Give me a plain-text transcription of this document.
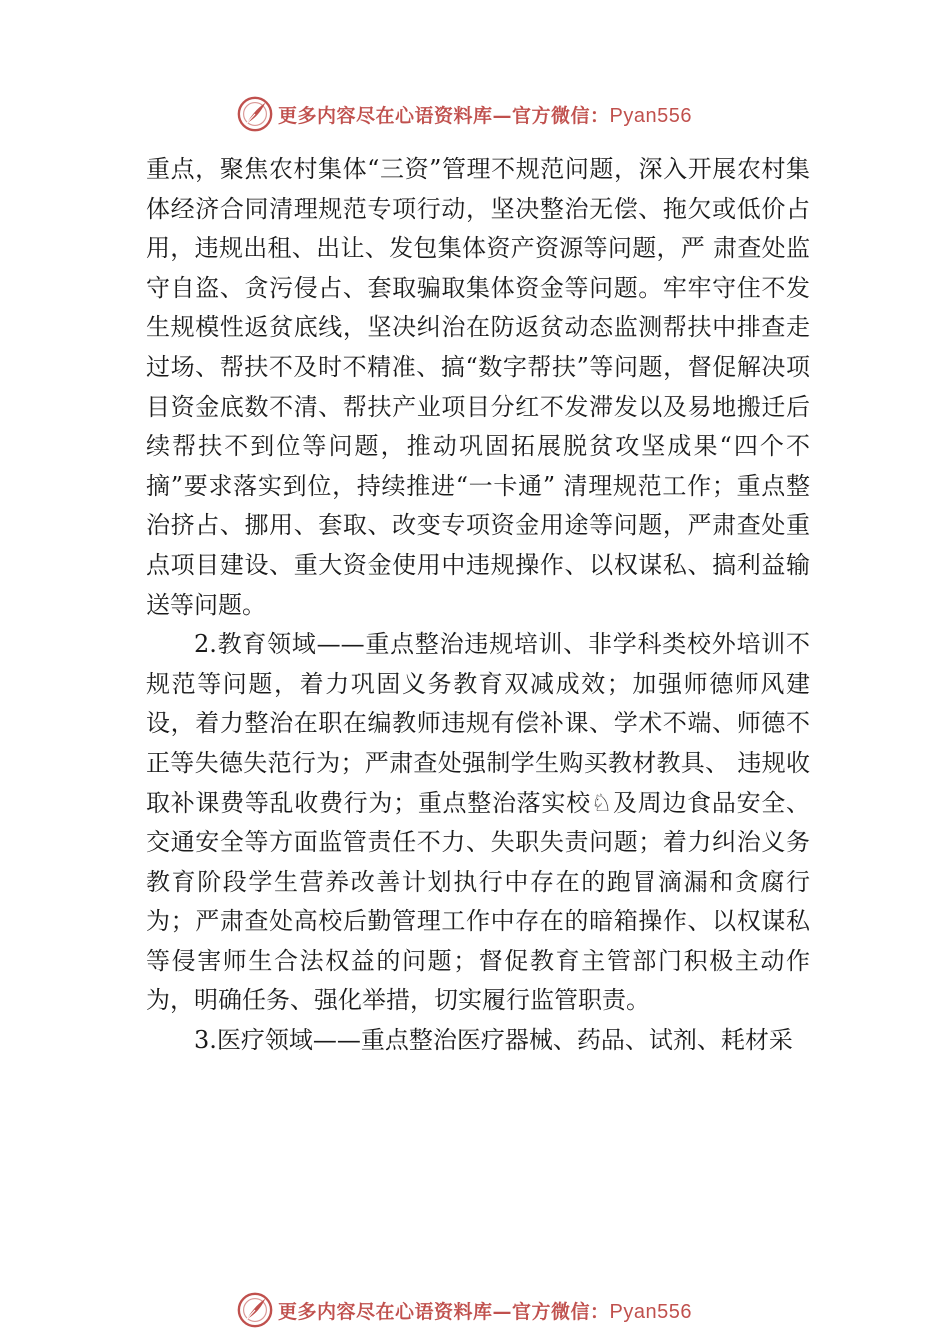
更多内容尽在心语资料库—官方微信：Pyan556

重点，聚焦农村集体“三资”管理不规范问题，深入开展农村集体经济合同清理规范专项行动，坚决整治无偿、拖欠或低价占用，违规出租、出让、发包集体资产资源等问题，严 肃查处监守自盗、贪污侵占、套取骗取集体资金等问题。牢牢守住不发生规模性返贫底线，坚决纠治在防返贫动态监测帮扶中排查走过场、帮扶不及时不精准、搞“数字帮扶”等问题，督促解决项目资金底数不清、帮扶产业项目分红不发滞发以及易地搬迁后续帮扶不到位等问题，推动巩固拓展脱贫攻坚成果“四个不摘”要求落实到位，持续推进“一卡通” 清理规范工作；重点整治挤占、挪用、套取、改变专项资金用途等问题，严肃查处重点项目建设、重大资金使用中违规操作、以权谋私、搞利益输送等问题。

2.教育领域——重点整治违规培训、非学科类校外培训不规范等问题，着力巩固义务教育双减成效；加强师德师风建设，着力整治在职在编教师违规有偿补课、学术不端、师德不正等失德失范行为；严肃查处强制学生购买教材教具、 违规收取补课费等乱收费行为；重点整治落实校♘及周边食品安全、交通安全等方面监管责任不力、失职失责问题；着力纠治义务教育阶段学生营养改善计划执行中存在的跑冒滴漏和贪腐行为；严肃查处高校后勤管理工作中存在的暗箱操作、以权谋私等侵害师生合法权益的问题；督促教育主管部门积极主动作为，明确任务、强化举措，切实履行监管职责。

3.医疗领域——重点整治医疗器械、药品、试剂、耗材采

更多内容尽在心语资料库—官方微信：Pyan556
